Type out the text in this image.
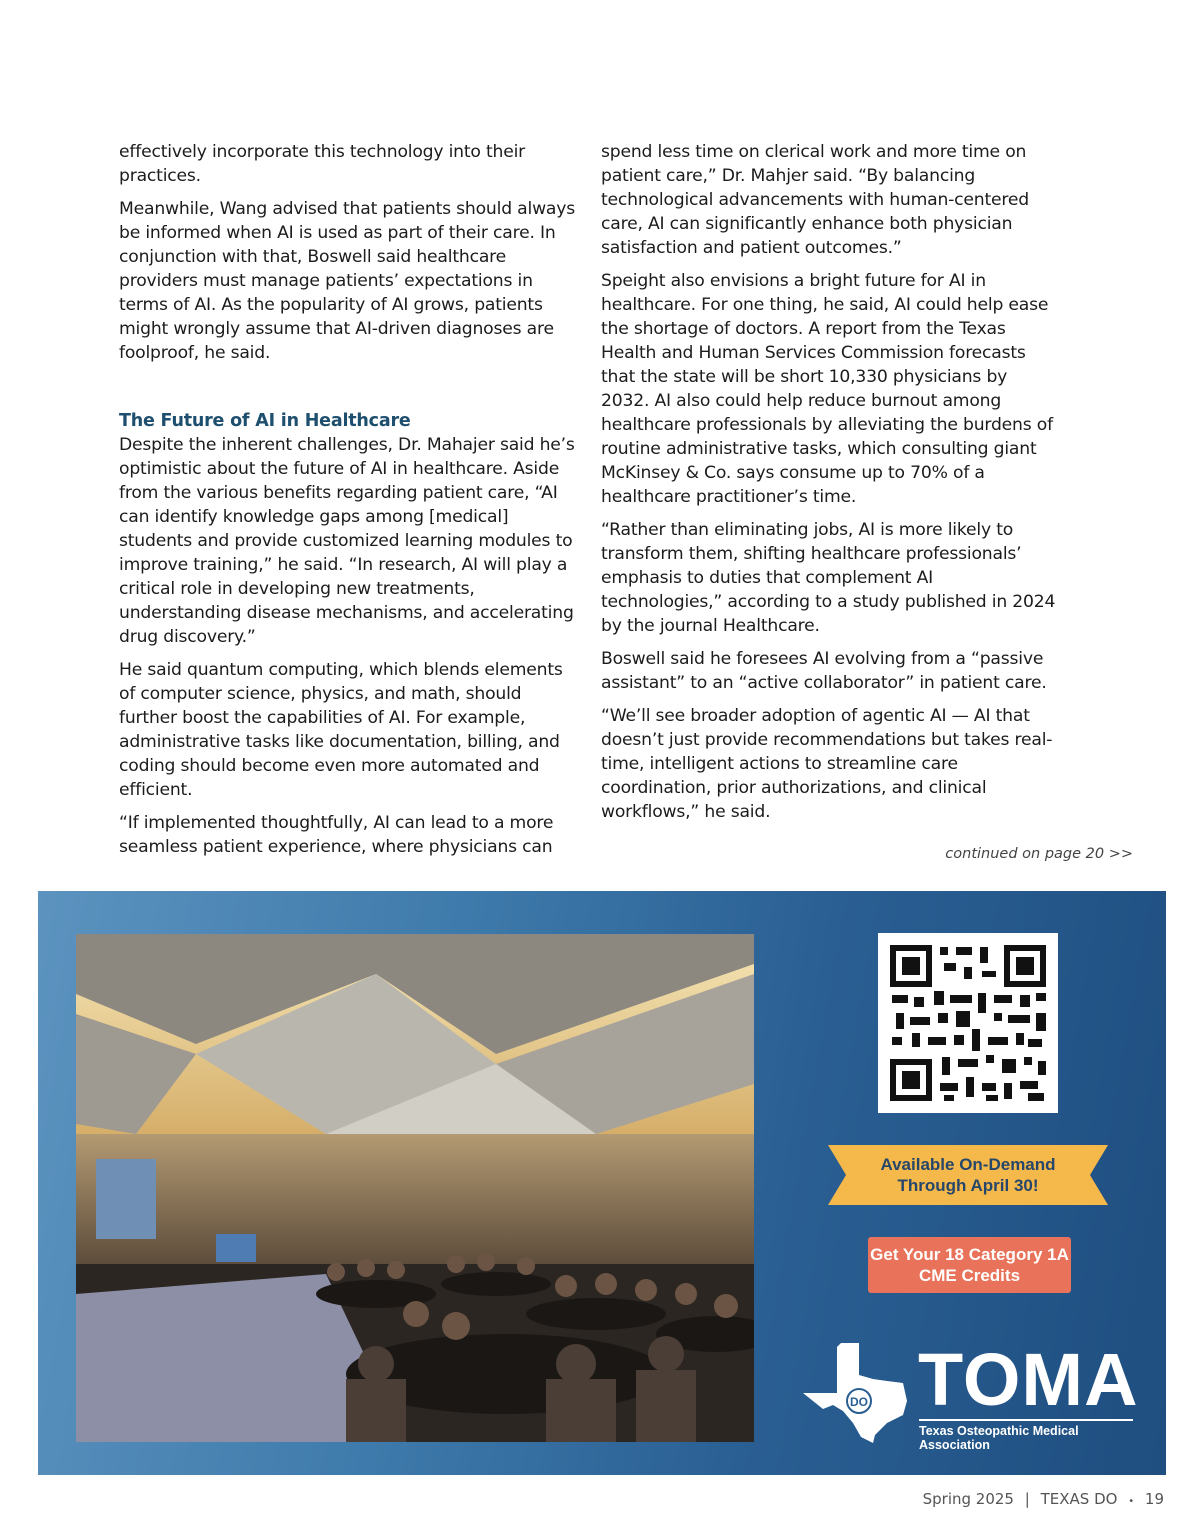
effectively incorporate this technology into their practices.

Meanwhile, Wang advised that patients should always be informed when AI is used as part of their care. In conjunction with that, Boswell said healthcare providers must manage patients’ expectations in terms of AI. As the popularity of AI grows, patients might wrongly assume that AI-driven diagnoses are foolproof, he said.

The Future of AI in Healthcare

Despite the inherent challenges, Dr. Mahajer said he’s optimistic about the future of AI in healthcare. Aside from the various benefits regarding patient care, “AI can identify knowledge gaps among [medical] students and provide customized learning modules to improve training,” he said. “In research, AI will play a critical role in developing new treatments, understanding disease mechanisms, and accelerating drug discovery.”

He said quantum computing, which blends elements of computer science, physics, and math, should further boost the capabilities of AI. For example, administrative tasks like documentation, billing, and coding should become even more automated and efficient.

“If implemented thoughtfully, AI can lead to a more seamless patient experience, where physicians can

spend less time on clerical work and more time on patient care,” Dr. Mahjer said. “By balancing technological advancements with human-centered care, AI can significantly enhance both physician satisfaction and patient outcomes.”

Speight also envisions a bright future for AI in healthcare. For one thing, he said, AI could help ease the shortage of doctors. A report from the Texas Health and Human Services Commission forecasts that the state will be short 10,330 physicians by 2032. AI also could help reduce burnout among healthcare professionals by alleviating the burdens of routine administrative tasks, which consulting giant McKinsey & Co. says consume up to 70% of a healthcare practitioner’s time.

“Rather than eliminating jobs, AI is more likely to transform them, shifting healthcare professionals’ emphasis to duties that complement AI technologies,” according to a study published in 2024 by the journal Healthcare.

Boswell said he foresees AI evolving from a “passive assistant” to an “active collaborator” in patient care.

“We’ll see broader adoption of agentic AI — AI that doesn’t just provide recommendations but takes real-time, intelligent actions to streamline care coordination, prior authorizations, and clinical workflows,” he said.

continued on page 20 >>
Available On-Demand
Through April 30!
Get Your 18 Category 1A
CME Credits
DO TOMA
Texas Osteopathic Medical Association
Spring 2025 | TEXAS DO • 19
